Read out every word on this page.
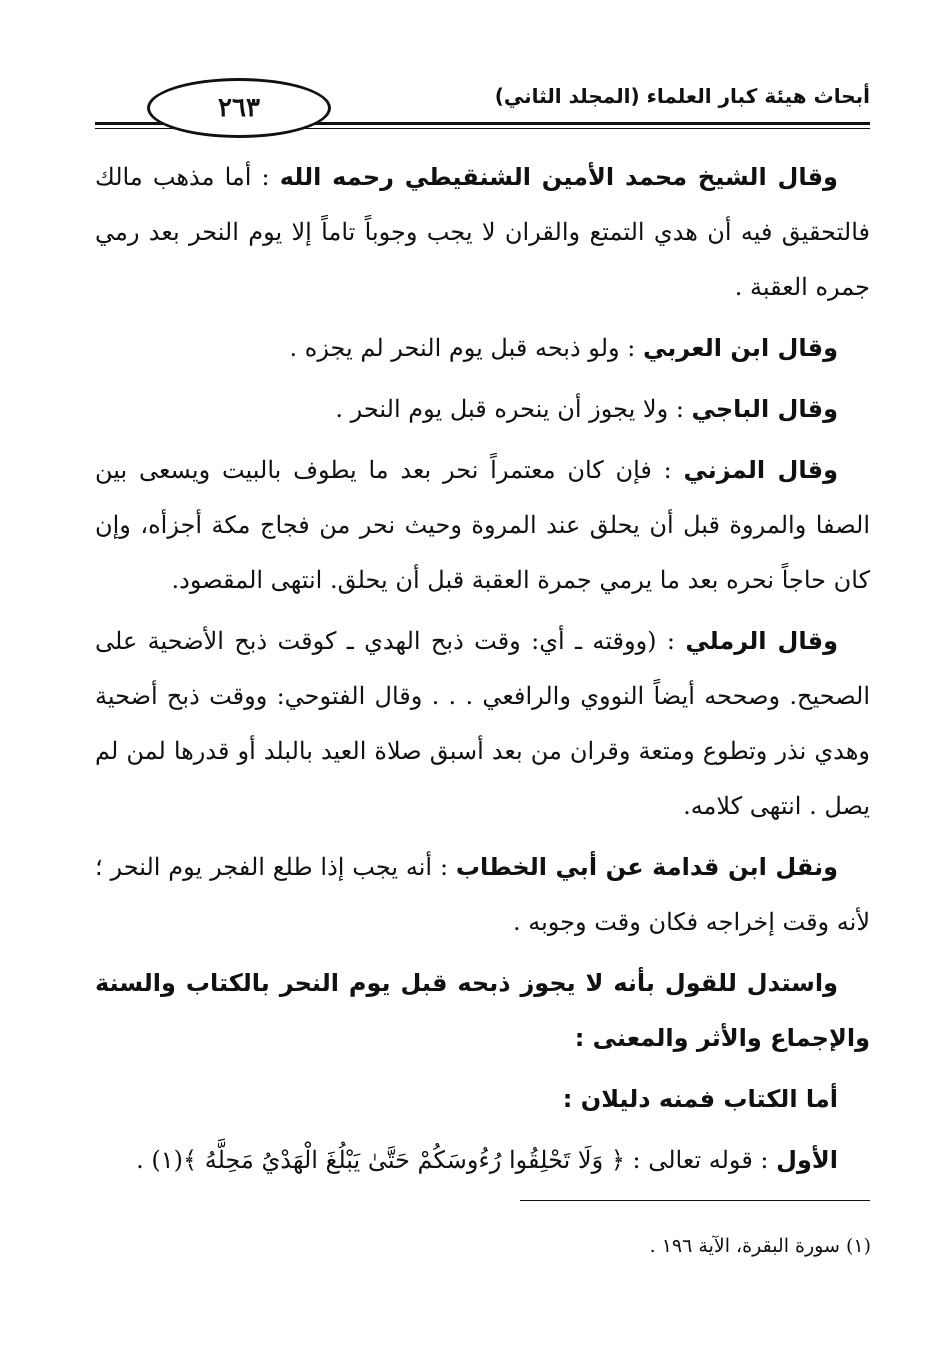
٢٦٣	أبحاث هيئة كبار العلماء (المجلد الثاني)

وقال الشيخ محمد الأمين الشنقيطي رحمه الله : أما مذهب مالك فالتحقيق فيه أن هدي التمتع والقران لا يجب وجوباً تاماً إلا يوم النحر بعد رمي جمره العقبة .

وقال ابن العربي : ولو ذبحه قبل يوم النحر لم يجزه .

وقال الباجي : ولا يجوز أن ينحره قبل يوم النحر .

وقال المزني : فإن كان معتمراً نحر بعد ما يطوف بالبيت ويسعى بين الصفا والمروة قبل أن يحلق عند المروة وحيث نحر من فجاج مكة أجزأه، وإن كان حاجاً نحره بعد ما يرمي جمرة العقبة قبل أن يحلق. انتهى المقصود.

وقال الرملي : (ووقته ـ أي: وقت ذبح الهدي ـ كوقت ذبح الأضحية على الصحيح. وصححه أيضاً النووي والرافعي . . . وقال الفتوحي: ووقت ذبح أضحية وهدي نذر وتطوع ومتعة وقران من بعد أسبق صلاة العيد بالبلد أو قدرها لمن لم يصل . انتهى كلامه.

ونقل ابن قدامة عن أبي الخطاب : أنه يجب إذا طلع الفجر يوم النحر ؛ لأنه وقت إخراجه فكان وقت وجوبه .

واستدل للقول بأنه لا يجوز ذبحه قبل يوم النحر بالكتاب والسنة والإجماع والأثر والمعنى :

أما الكتاب فمنه دليلان :

الأول : قوله تعالى : ﴿ وَلَا تَحْلِقُوا رُءُوسَكُمْ حَتَّىٰ يَبْلُغَ الْهَدْيُ مَحِلَّهُ ﴾(١) .

(١) سورة البقرة، الآية ١٩٦ .
